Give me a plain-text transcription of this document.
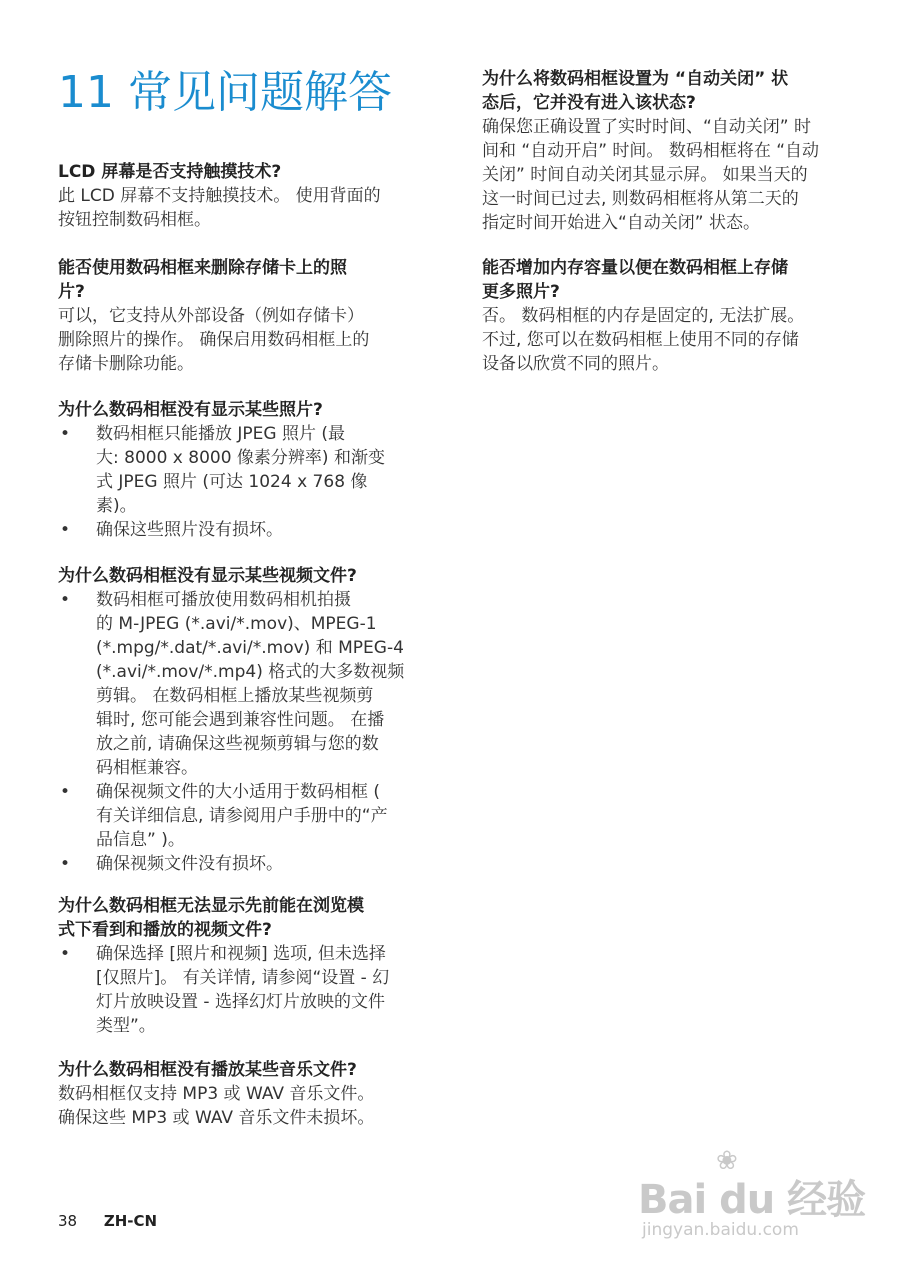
11 常见问题解答

LCD 屏幕是否支持触摸技术?

此 LCD 屏幕不支持触摸技术。 使用背面的

按钮控制数码相框。

能否使用数码相框来删除存储卡上的照

片?

可以，它支持从外部设备（例如存储卡）

删除照片的操作。 确保启用数码相框上的

存储卡删除功能。

为什么数码相框没有显示某些照片?

• 数码相框只能播放 JPEG 照片 (最
大: 8000 x 8000 像素分辨率) 和渐变
式 JPEG 照片 (可达 1024 x 768 像
素)。
• 确保这些照片没有损坏。

为什么数码相框没有显示某些视频文件?

• 数码相框可播放使用数码相机拍摄
的 M-JPEG (*.avi/*.mov)、MPEG-1
(*.mpg/*.dat/*.avi/*.mov) 和 MPEG-4
(*.avi/*.mov/*.mp4) 格式的大多数视频
剪辑。 在数码相框上播放某些视频剪
辑时, 您可能会遇到兼容性问题。 在播
放之前, 请确保这些视频剪辑与您的数
码相框兼容。
• 确保视频文件的大小适用于数码相框 (
有关详细信息, 请参阅用户手册中的“产
品信息” )。
• 确保视频文件没有损坏。

为什么数码相框无法显示先前能在浏览模

式下看到和播放的视频文件?

• 确保选择 [照片和视频] 选项, 但未选择
[仅照片]。 有关详情, 请参阅“设置 - 幻
灯片放映设置 - 选择幻灯片放映的文件
类型”。

为什么数码相框没有播放某些音乐文件?

数码相框仅支持 MP3 或 WAV 音乐文件。

确保这些 MP3 或 WAV 音乐文件未损坏。

为什么将数码相框设置为 “自动关闭” 状

态后，它并没有进入该状态?

确保您正确设置了实时时间、“自动关闭” 时

间和 “自动开启” 时间。 数码相框将在 “自动

关闭” 时间自动关闭其显示屏。 如果当天的

这一时间已过去, 则数码相框将从第二天的

指定时间开始进入“自动关闭” 状态。

能否增加内存容量以便在数码相框上存储

更多照片?

否。 数码相框的内存是固定的, 无法扩展。

不过, 您可以在数码相框上使用不同的存储

设备以欣赏不同的照片。

38 ZH-CN
❀
Bai du 经验
jingyan.baidu.com
